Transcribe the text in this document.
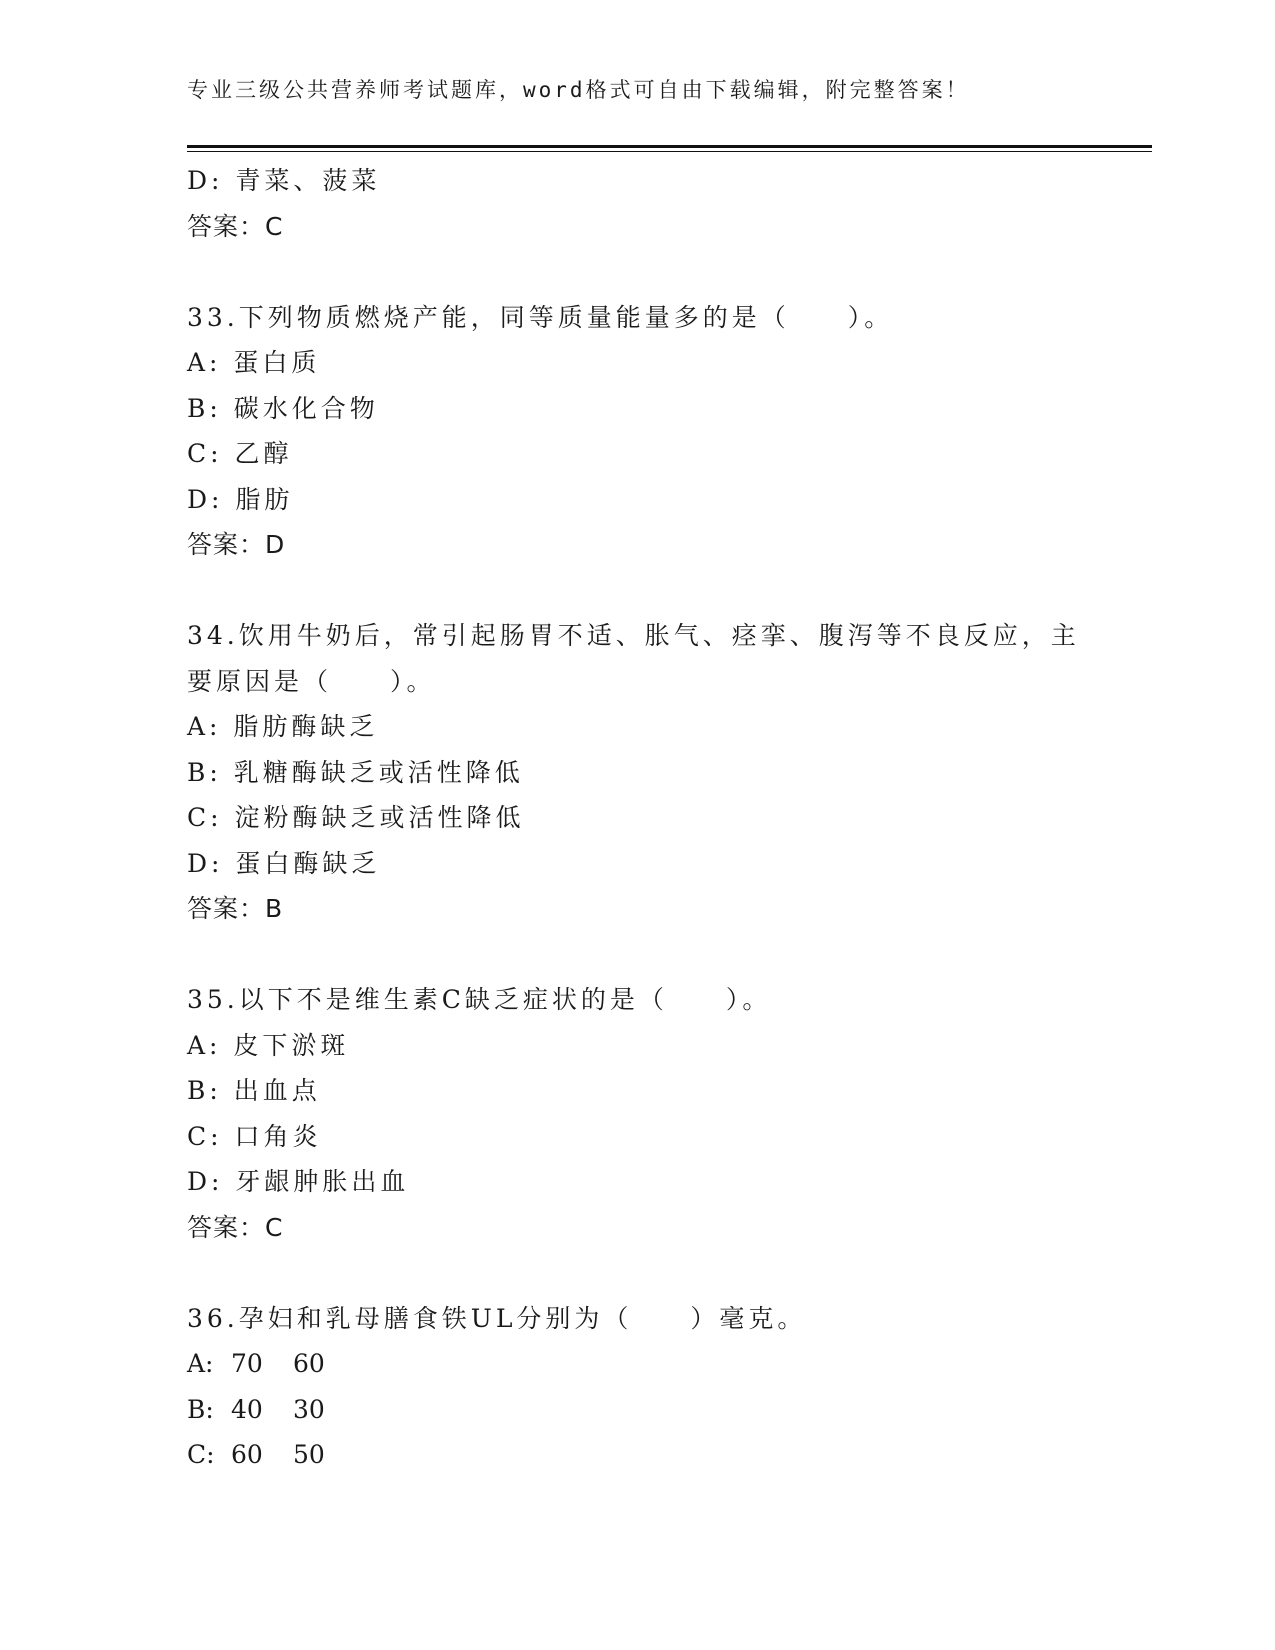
专业三级公共营养师考试题库，word格式可自由下载编辑，附完整答案！
D: 青菜、菠菜
答案：C
33.下列物质燃烧产能，同等质量能量多的是（　　）。
A: 蛋白质
B: 碳水化合物
C: 乙醇
D: 脂肪
答案：D
34.饮用牛奶后，常引起肠胃不适、胀气、痉挛、腹泻等不良反应，主
要原因是（　　）。
A: 脂肪酶缺乏
B: 乳糖酶缺乏或活性降低
C: 淀粉酶缺乏或活性降低
D: 蛋白酶缺乏
答案：B
35.以下不是维生素C缺乏症状的是（　　）。
A: 皮下淤斑
B: 出血点
C: 口角炎
D: 牙龈肿胀出血
答案：C
36.孕妇和乳母膳食铁UL分别为（　　）毫克。
A: 70 60
B: 40 30
C: 60 50
